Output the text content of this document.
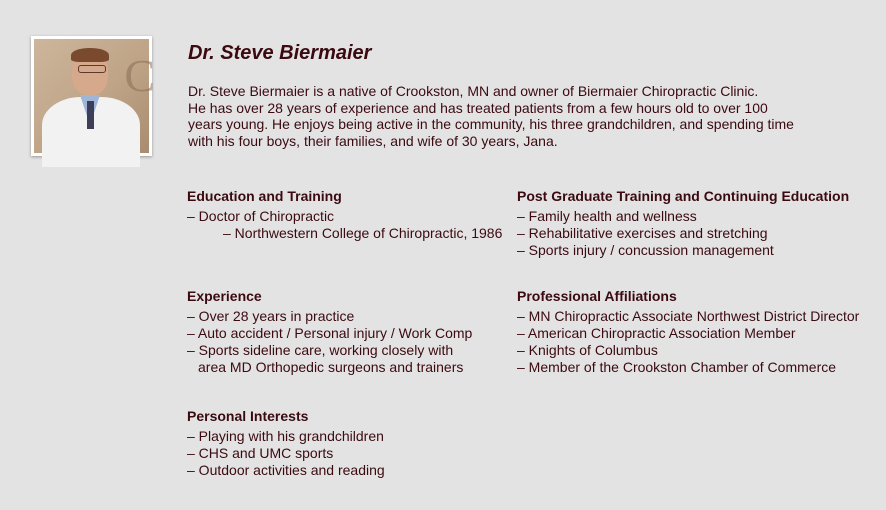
C Dr. Steve Biermaier
Dr. Steve Biermaier is a native of Crookston, MN and owner of Biermaier Chiropractic Clinic.
He has over 28 years of experience and has treated patients from a few hours old to over 100
years young. He enjoys being active in the community, his three grandchildren, and spending time
with his four boys, their families, and wife of 30 years, Jana.
Education and Training
– Doctor of Chiropractic
– Northwestern College of Chiropractic, 1986
Post Graduate Training and Continuing Education
– Family health and wellness
– Rehabilitative exercises and stretching
– Sports injury / concussion management
Experience
– Over 28 years in practice
– Auto accident / Personal injury / Work Comp
– Sports sideline care, working closely with
area MD Orthopedic surgeons and trainers
Professional Affiliations
– MN Chiropractic Associate Northwest District Director
– American Chiropractic Association Member
– Knights of Columbus
– Member of the Crookston Chamber of Commerce
Personal Interests
– Playing with his grandchildren
– CHS and UMC sports
– Outdoor activities and reading
